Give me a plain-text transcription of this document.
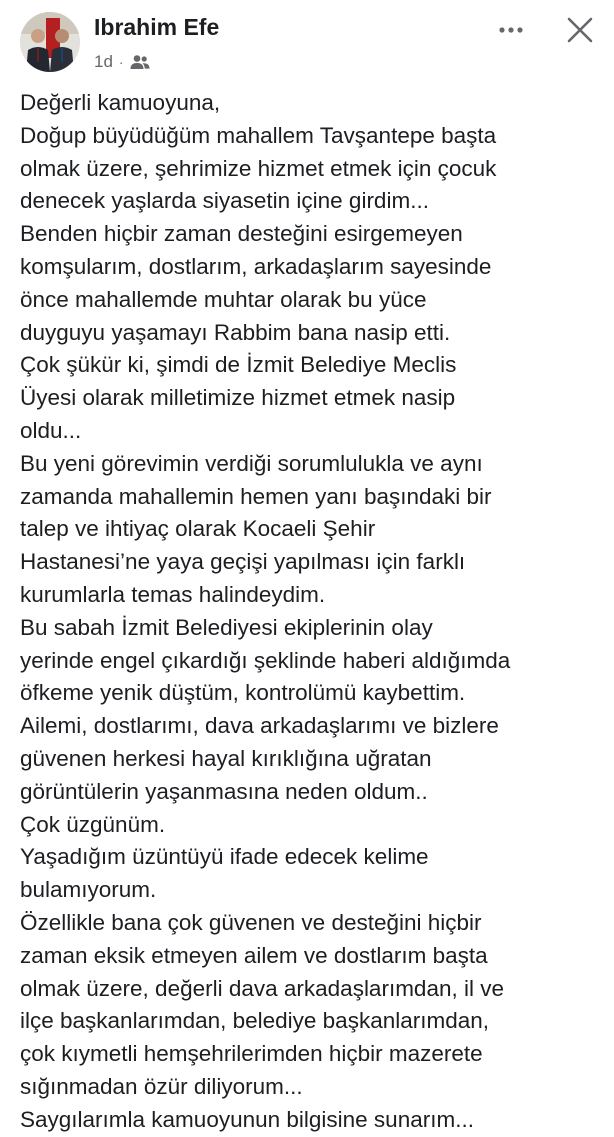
Ibrahim Efe
1d ·
Değerli kamuoyuna,
Doğup büyüdüğüm mahallem Tavşantepe başta
olmak üzere, şehrimize hizmet etmek için çocuk
denecek yaşlarda siyasetin içine girdim...
Benden hiçbir zaman desteğini esirgemeyen
komşularım, dostlarım, arkadaşlarım sayesinde
önce mahallemde muhtar olarak bu yüce
duyguyu yaşamayı Rabbim bana nasip etti.
Çok şükür ki, şimdi de İzmit Belediye Meclis
Üyesi olarak milletimize hizmet etmek nasip
oldu...
Bu yeni görevimin verdiği sorumlulukla ve aynı
zamanda mahallemin hemen yanı başındaki bir
talep ve ihtiyaç olarak Kocaeli Şehir
Hastanesi’ne yaya geçişi yapılması için farklı
kurumlarla temas halindeydim.
Bu sabah İzmit Belediyesi ekiplerinin olay
yerinde engel çıkardığı şeklinde haberi aldığımda
öfkeme yenik düştüm, kontrolümü kaybettim.
Ailemi, dostlarımı, dava arkadaşlarımı ve bizlere
güvenen herkesi hayal kırıklığına uğratan
görüntülerin yaşanmasına neden oldum..
Çok üzgünüm.
Yaşadığım üzüntüyü ifade edecek kelime
bulamıyorum.
Özellikle bana çok güvenen ve desteğini hiçbir
zaman eksik etmeyen ailem ve dostlarım başta
olmak üzere, değerli dava arkadaşlarımdan, il ve
ilçe başkanlarımdan, belediye başkanlarımdan,
çok kıymetli hemşehrilerimden hiçbir mazerete
sığınmadan özür diliyorum...
Saygılarımla kamuoyunun bilgisine sunarım...
